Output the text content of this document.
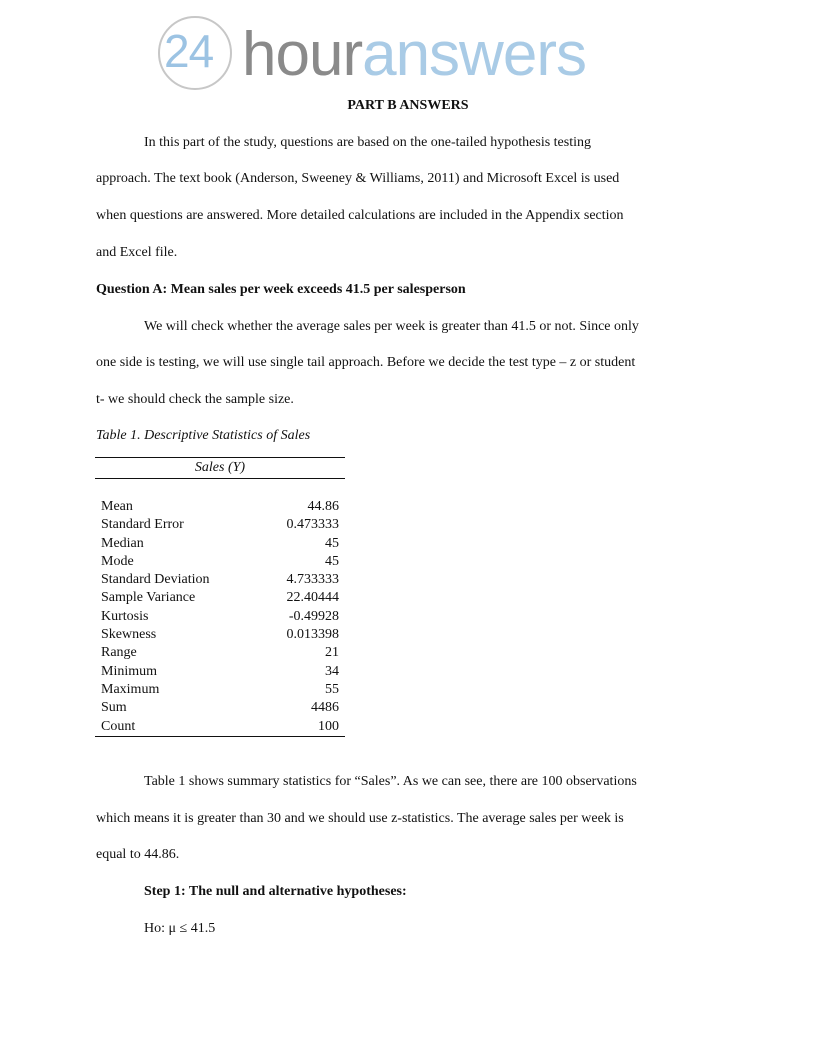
24 houranswers
PART B ANSWERS
In this part of the study, questions are based on the one-tailed hypothesis testing
approach. The text book (Anderson, Sweeney & Williams, 2011) and Microsoft Excel is used
when questions are answered. More detailed calculations are included in the Appendix section
and Excel file.
Question A: Mean sales per week exceeds 41.5 per salesperson
We will check whether the average sales per week is greater than 41.5 or not. Since only
one side is testing, we will use single tail approach. Before we decide the test type – z or student
t- we should check the sample size.
Table 1. Descriptive Statistics of Sales
Sales (Y)
Mean	44.86
Standard Error	0.473333
Median	45
Mode	45
Standard Deviation	4.733333
Sample Variance	22.40444
Kurtosis	-0.49928
Skewness	0.013398
Range	21
Minimum	34
Maximum	55
Sum	4486
Count	100
Table 1 shows summary statistics for “Sales”. As we can see, there are 100 observations
which means it is greater than 30 and we should use z-statistics. The average sales per week is
equal to 44.86.
Step 1: The null and alternative hypotheses:
Ho: μ ≤ 41.5
